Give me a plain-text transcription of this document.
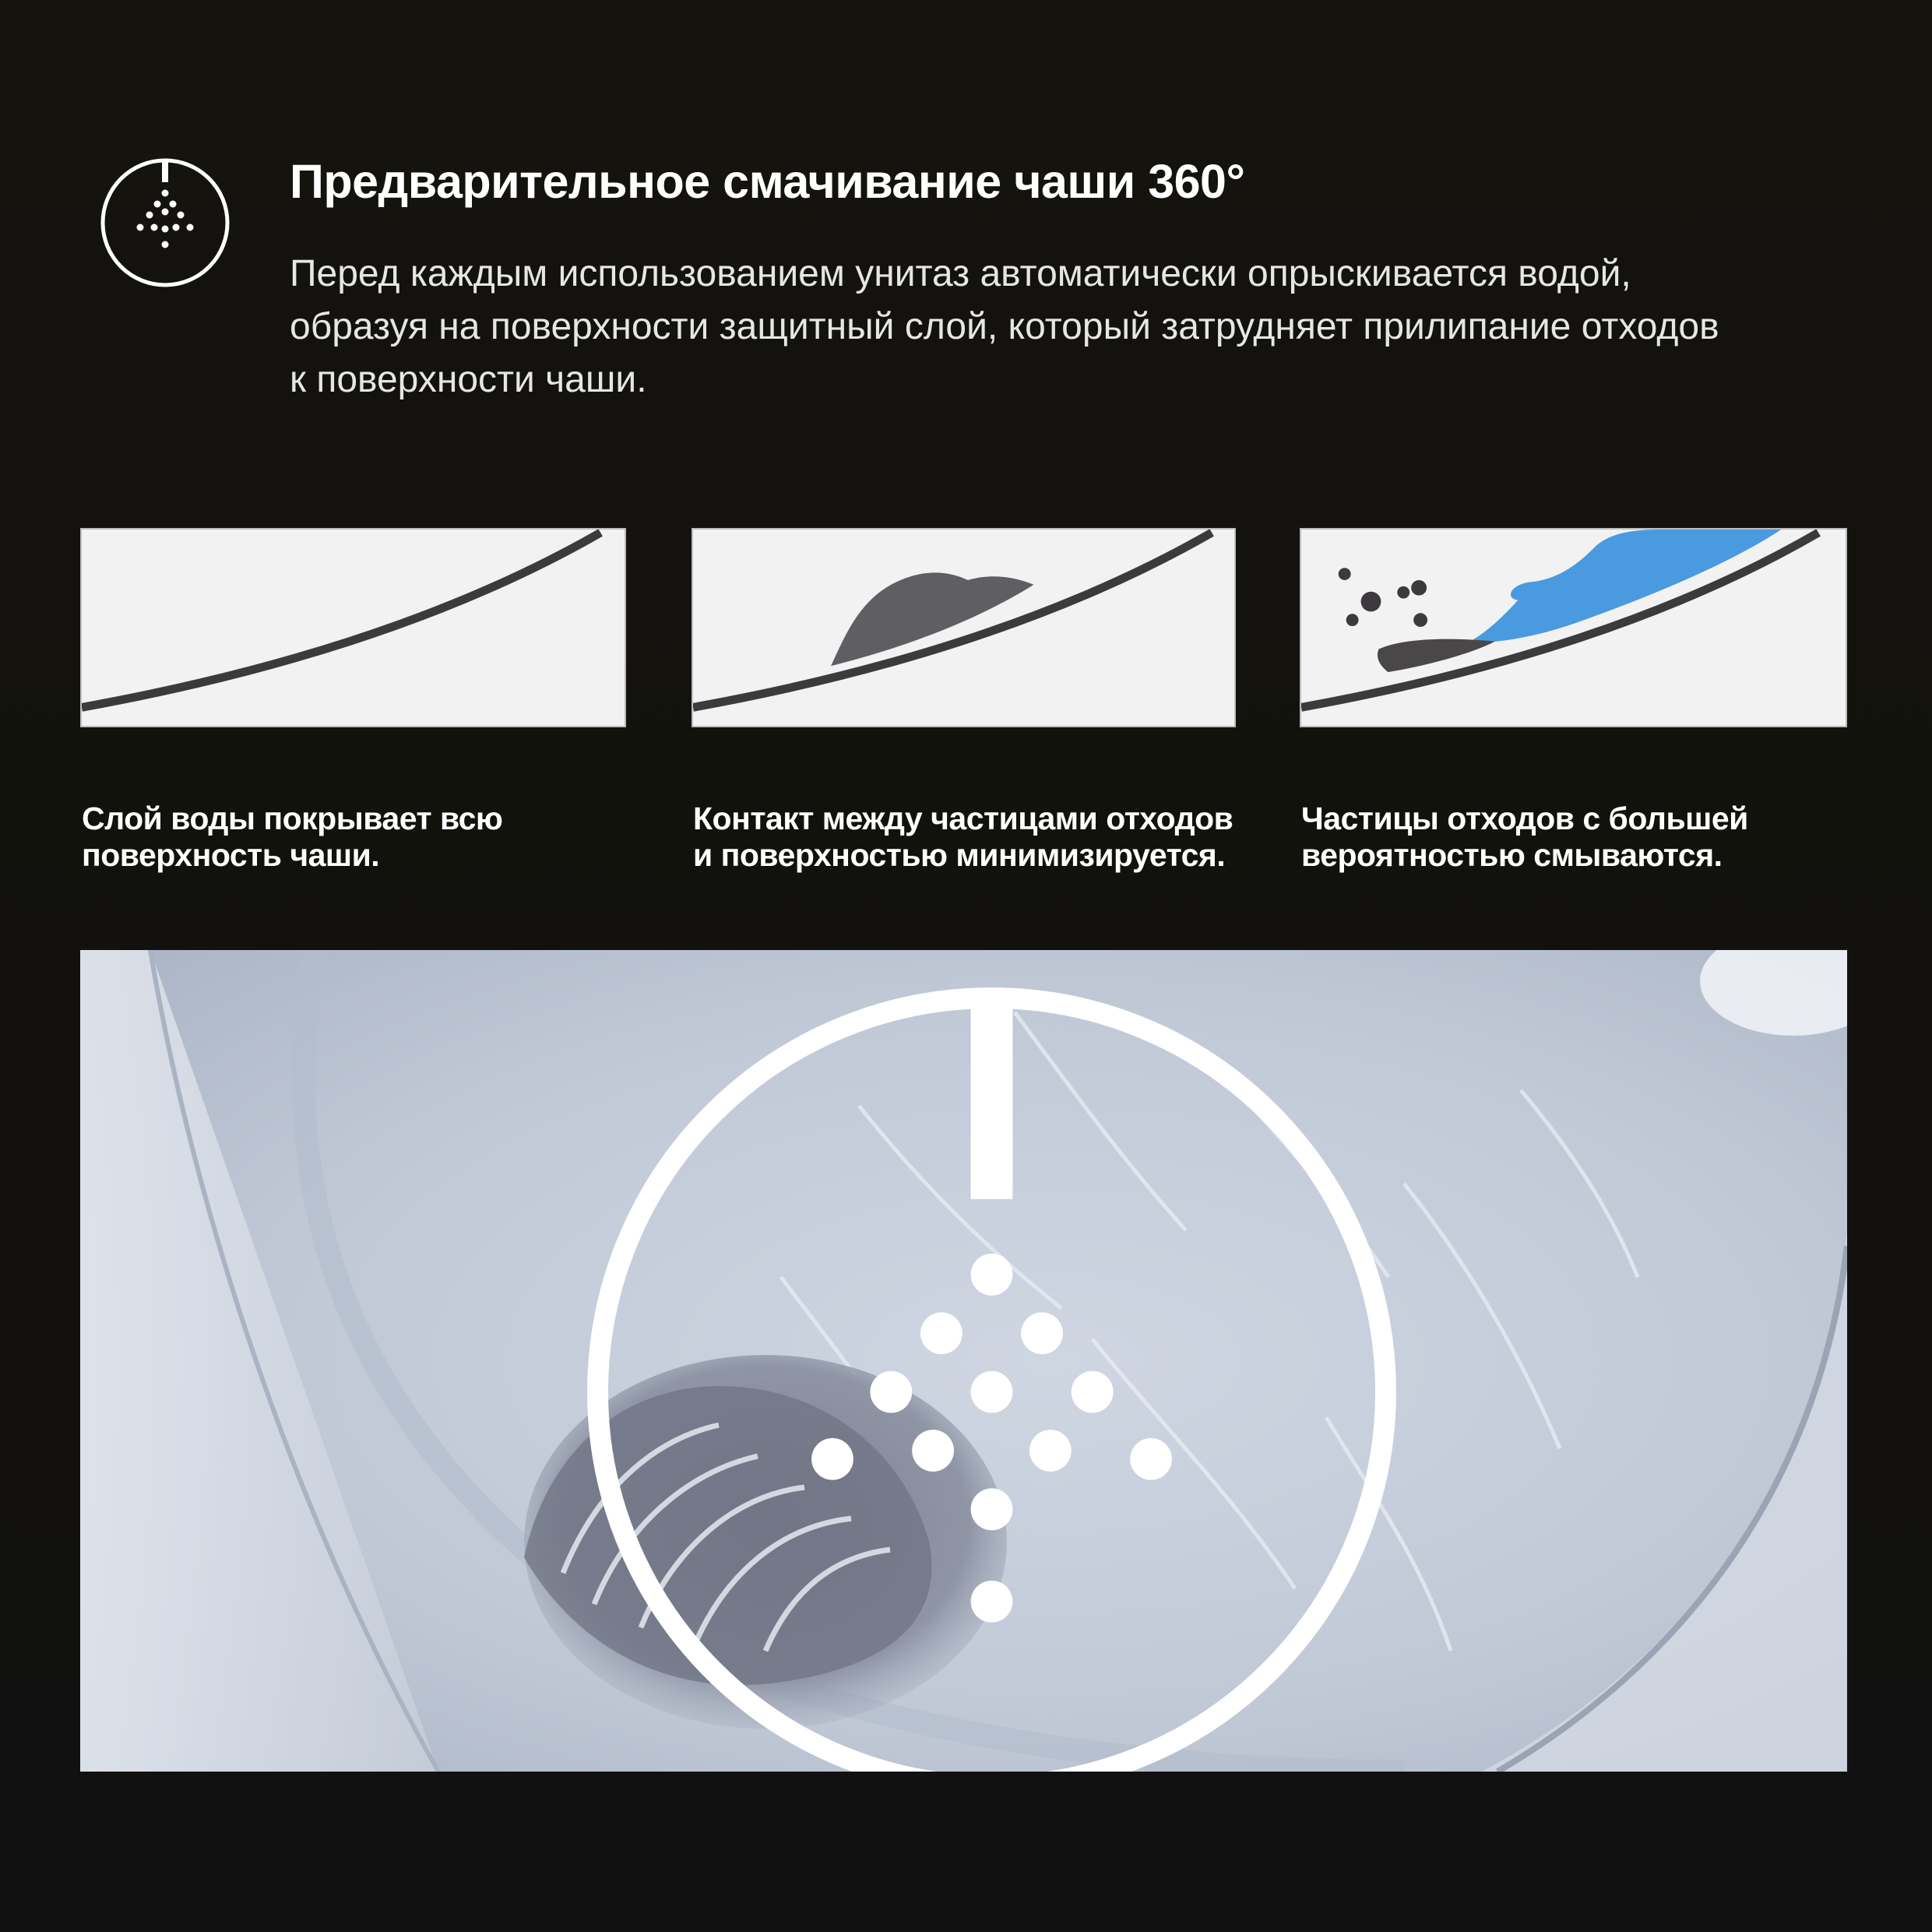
Предварительное смачивание чаши 360°

Перед каждым использованием унитаз автоматически опрыскивается водой,
образуя на поверхности защитный слой, который затрудняет прилипание отходов
к поверхности чаши.

Слой воды покрывает всю
поверхность чаши.

Контакт между частицами отходов
и поверхностью минимизируется.

Частицы отходов с большей
вероятностью смываются.
